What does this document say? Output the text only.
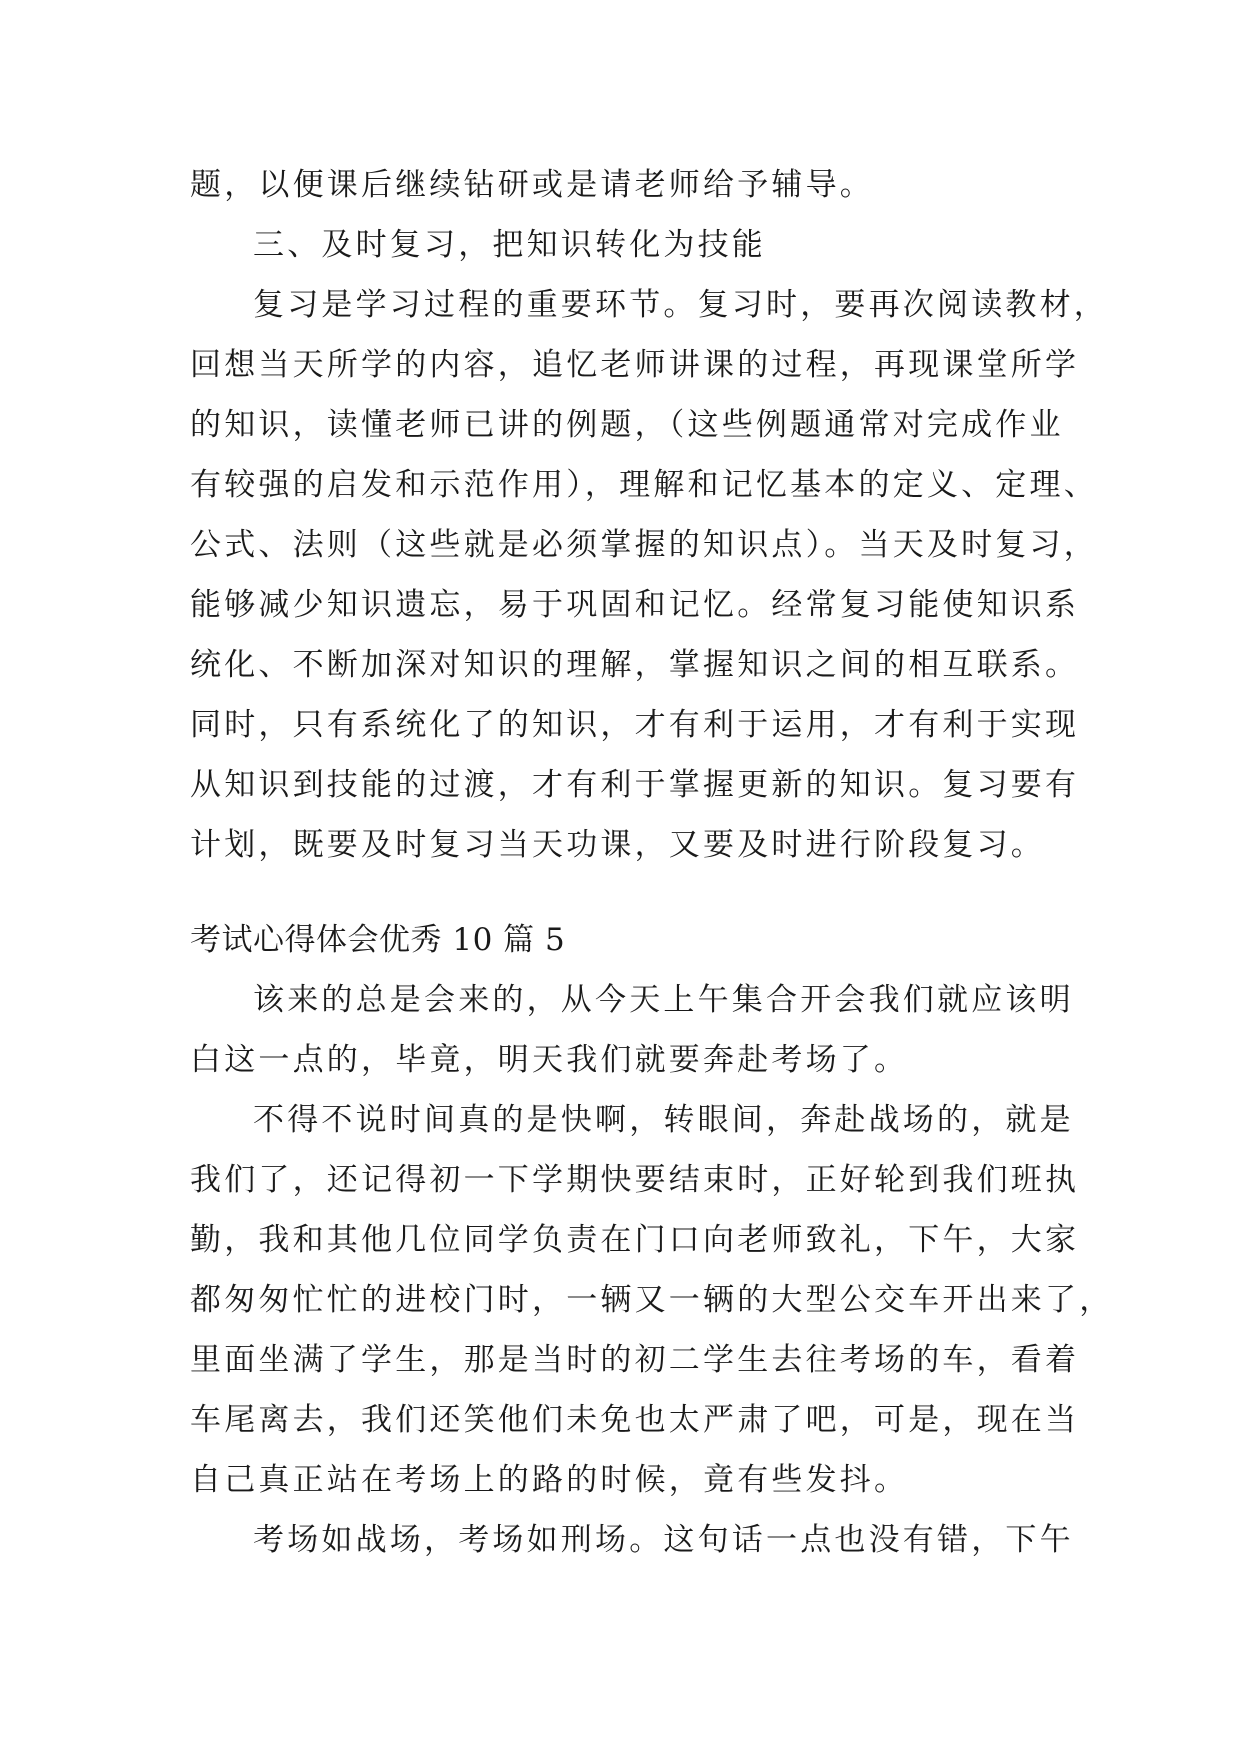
题，以便课后继续钻研或是请老师给予辅导。
三、及时复习，把知识转化为技能
复习是学习过程的重要环节。复习时，要再次阅读教材，
回想当天所学的内容，追忆老师讲课的过程，再现课堂所学
的知识，读懂老师已讲的例题，（这些例题通常对完成作业
有较强的启发和示范作用），理解和记忆基本的定义、定理、
公式、法则（这些就是必须掌握的知识点）。当天及时复习，
能够减少知识遗忘，易于巩固和记忆。经常复习能使知识系
统化、不断加深对知识的理解，掌握知识之间的相互联系。
同时，只有系统化了的知识，才有利于运用，才有利于实现
从知识到技能的过渡，才有利于掌握更新的知识。复习要有
计划，既要及时复习当天功课，又要及时进行阶段复习。
考试心得体会优秀 10 篇 5
该来的总是会来的，从今天上午集合开会我们就应该明
白这一点的，毕竟，明天我们就要奔赴考场了。
不得不说时间真的是快啊，转眼间，奔赴战场的，就是
我们了，还记得初一下学期快要结束时，正好轮到我们班执
勤，我和其他几位同学负责在门口向老师致礼，下午，大家
都匆匆忙忙的进校门时，一辆又一辆的大型公交车开出来了，
里面坐满了学生，那是当时的初二学生去往考场的车，看着
车尾离去，我们还笑他们未免也太严肃了吧，可是，现在当
自己真正站在考场上的路的时候，竟有些发抖。
考场如战场，考场如刑场。这句话一点也没有错，下午
